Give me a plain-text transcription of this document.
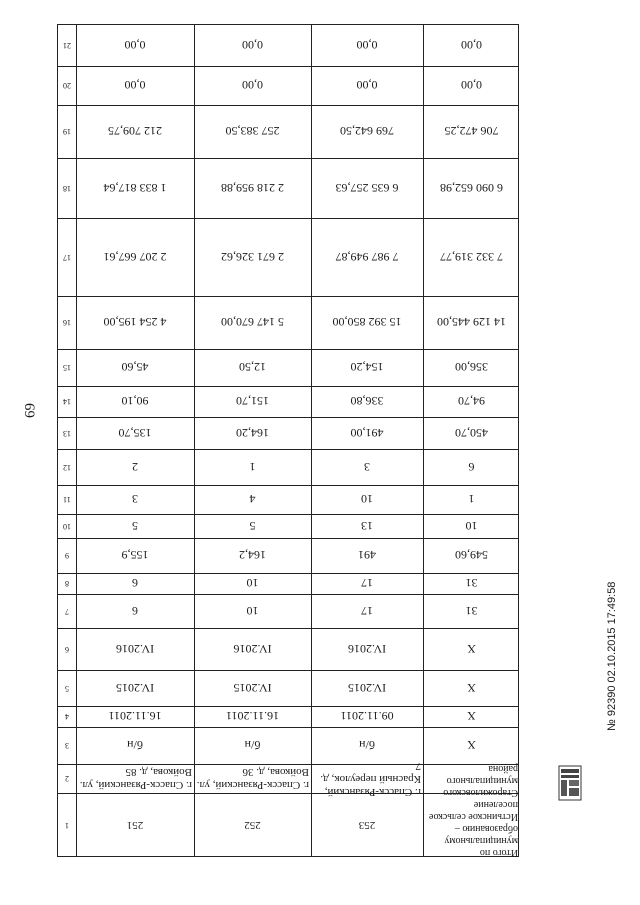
69
1
2
3
4
5
6
7
8
9
10
11
12
13
14
15
16
17
18
19
20
21
251
г. Спасск-Рязанский, ул. Войкова, д. 85
б/н
16.11.2011
IV.2015
IV.2016
6
6
155,9
5
3
2
135,70
90,10
45,60
4 254 195,00
2 207 667,61
1 833 817,64
212 709,75
0,00
0,00
252
г. Спасск-Рязанский, ул. Войкова, д. 36
б/н
16.11.2011
IV.2015
IV.2016
10
10
164,2
5
4
1
164,20
151,70
12,50
5 147 670,00
2 671 326,62
2 218 959,88
257 383,50
0,00
0,00
253
г. Спасск-Рязанский, Красный переулок, д. 7
б/н
09.11.2011
IV.2015
IV.2016
17
17
491
13
10
3
491,00
336,80
154,20
15 392 850,00
7 987 949,87
6 635 257,63
769 642,50
0,00
0,00
Итого по муниципальному образованию – Истьинское сельское поселение Старожиловского муниципального района
X
X
X
X
31
31
549,60
10
1
6
450,70
94,70
356,00
14 129 445,00
7 332 319,77
6 090 652,98
706 472,25
0,00
0,00
№ 92390 02.10.2015 17:49:58
